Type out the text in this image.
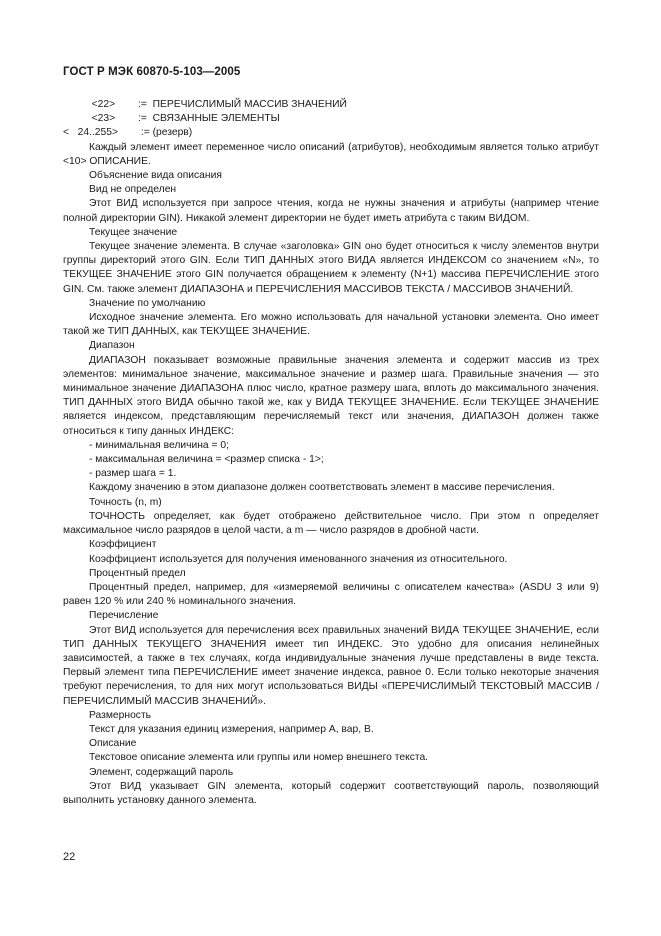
ГОСТ Р МЭК 60870-5-103—2005

<22>        :=  ПЕРЕЧИСЛИМЫЙ МАССИВ ЗНАЧЕНИЙ

<23>        :=  СВЯЗАННЫЕ ЭЛЕМЕНТЫ

<   24..255>        := (резерв)

Каждый элемент имеет переменное число описаний (атрибутов), необходимым является только атрибут <10> ОПИСАНИЕ.

Объяснение вида описания

Вид не определен

Этот ВИД используется при запросе чтения, когда не нужны значения и атрибуты (например чтение полной директории GIN). Никакой элемент директории не будет иметь атрибута с таким ВИДОМ.

Текущее значение

Текущее значение элемента. В случае «заголовка» GIN оно будет относиться к числу элементов внутри группы директорий этого GIN. Если ТИП ДАННЫХ этого ВИДА является ИНДЕКСОМ со значением «N», то ТЕКУЩЕЕ ЗНАЧЕНИЕ этого GIN получается обращением к элементу (N+1) массива ПЕРЕЧИСЛЕНИЕ этого GIN. См. также элемент ДИАПАЗОНА и ПЕРЕЧИСЛЕНИЯ МАССИВОВ ТЕКСТА / МАССИВОВ ЗНАЧЕНИЙ.

Значение по умолчанию

Исходное значение элемента. Его можно использовать для начальной установки элемента. Оно имеет такой же ТИП ДАННЫХ, как ТЕКУЩЕЕ ЗНАЧЕНИЕ.

Диапазон

ДИАПАЗОН показывает возможные правильные значения элемента и содержит массив из трех элементов: минимальное значение, максимальное значение и размер шага. Правильные значения — это минимальное значение ДИАПАЗОНА плюс число, кратное размеру шага, вплоть до максимального значения. ТИП ДАННЫХ этого ВИДА обычно такой же, как у ВИДА ТЕКУЩЕЕ ЗНАЧЕНИЕ. Если ТЕКУЩЕЕ ЗНАЧЕНИЕ является индексом, представляющим перечисляемый текст или значения, ДИАПАЗОН должен также относиться к типу данных ИНДЕКС:

- минимальная величина = 0;

- максимальная величина = <размер списка - 1>;

- размер шага = 1.

Каждому значению в этом диапазоне должен соответствовать элемент в массиве перечисления.

Точность (n, m)

ТОЧНОСТЬ определяет, как будет отображено действительное число. При этом n определяет максимальное число разрядов в целой части, а m — число разрядов в дробной части.

Коэффициент

Коэффициент используется для получения именованного значения из относительного.

Процентный предел

Процентный предел, например, для «измеряемой величины с описателем качества» (ASDU 3 или 9) равен 120 % или 240 % номинального значения.

Перечисление

Этот ВИД используется для перечисления всех правильных значений ВИДА ТЕКУЩЕЕ ЗНАЧЕНИЕ, если ТИП ДАННЫХ ТЕКУЩЕГО ЗНАЧЕНИЯ имеет тип ИНДЕКС. Это удобно для описания нелинейных зависимостей, а также в тех случаях, когда индивидуальные значения лучше представлены в виде текста. Первый элемент типа ПЕРЕЧИСЛЕНИЕ имеет значение индекса, равное 0. Если только некоторые значения требуют перечисления, то для них могут использоваться ВИДЫ «ПЕРЕЧИСЛИМЫЙ ТЕКСТОВЫЙ МАССИВ / ПЕРЕЧИСЛИМЫЙ МАССИВ ЗНАЧЕНИЙ».

Размерность

Текст для указания единиц измерения, например А, вар, В.

Описание

Текстовое описание элемента или группы или номер внешнего текста.

Элемент, содержащий пароль

Этот ВИД указывает GIN элемента, который содержит соответствующий пароль, позволяющий выполнить установку данного элемента.

22
